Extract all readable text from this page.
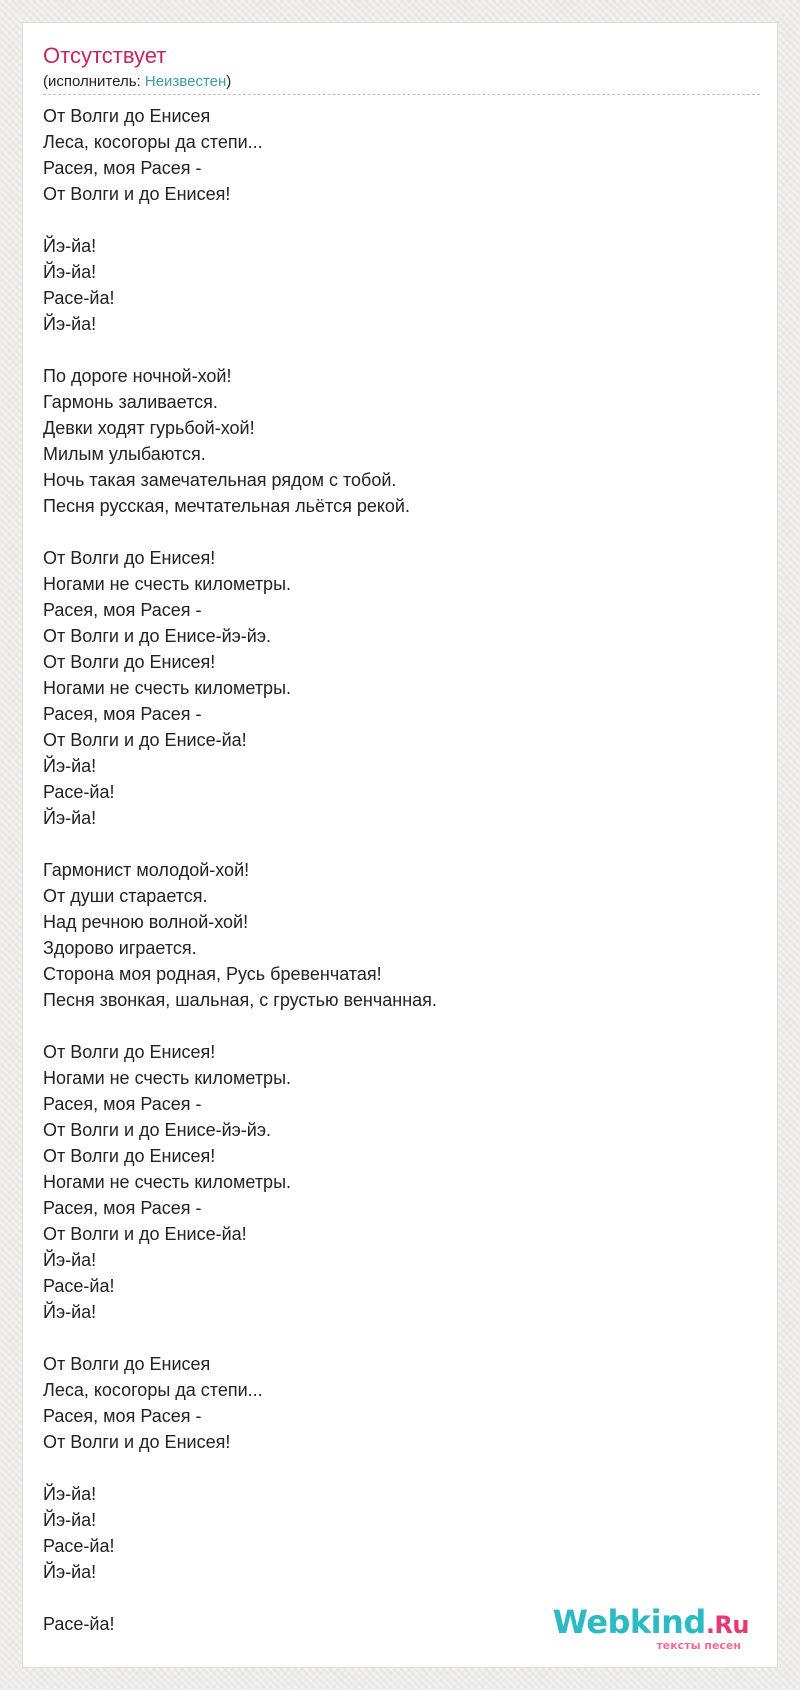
Отсутствует
(исполнитель: Неизвестен)
От Волги до Енисея
Леса, косогоры да степи...
Расея, моя Расея -
От Волги и до Енисея!
Йэ-йа!
Йэ-йа!
Расе-йа!
Йэ-йа!
По дороге ночной-хой!
Гармонь заливается.
Девки ходят гурьбой-хой!
Милым улыбаются.
Ночь такая замечательная рядом с тобой.
Песня русская, мечтательная льётся рекой.
От Волги до Енисея!
Ногами не счесть километры.
Расея, моя Расея -
От Волги и до Енисе-йэ-йэ.
От Волги до Енисея!
Ногами не счесть километры.
Расея, моя Расея -
От Волги и до Енисе-йа!
Йэ-йа!
Расе-йа!
Йэ-йа!
Гармонист молодой-хой!
От души старается.
Над речною волной-хой!
Здорово играется.
Сторона моя родная, Русь бревенчатая!
Песня звонкая, шальная, с грустью венчанная.
От Волги до Енисея!
Ногами не счесть километры.
Расея, моя Расея -
От Волги и до Енисе-йэ-йэ.
От Волги до Енисея!
Ногами не счесть километры.
Расея, моя Расея -
От Волги и до Енисе-йа!
Йэ-йа!
Расе-йа!
Йэ-йа!
От Волги до Енисея
Леса, косогоры да степи...
Расея, моя Расея -
От Волги и до Енисея!
Йэ-йа!
Йэ-йа!
Расе-йа!
Йэ-йа!
Расе-йа!	Webkind.Ru
тексты песен
